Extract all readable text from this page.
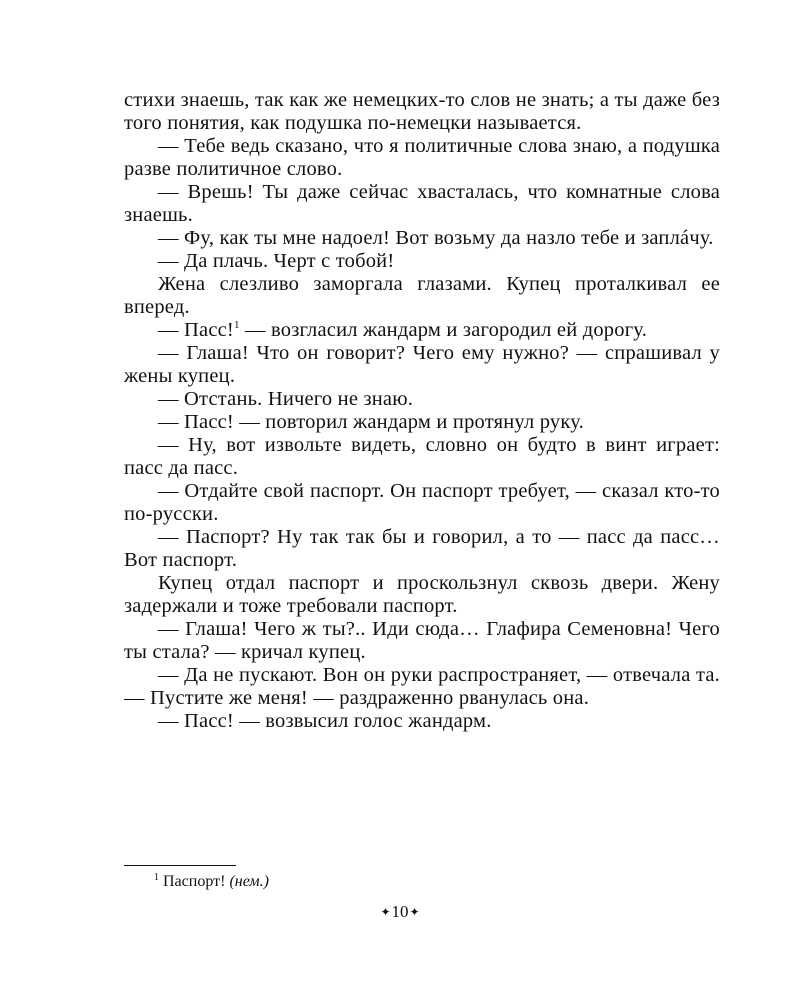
стихи знаешь, так как же немецких-то слов не знать; а ты даже без того понятия, как подушка по-немецки называется.

— Тебе ведь сказано, что я политичные слова знаю, а подушка разве политичное слово.

— Врешь! Ты даже сейчас хвасталась, что комнатные слова знаешь.

— Фу, как ты мне надоел! Вот возьму да назло тебе и заплáчу.

— Да плачь. Черт с тобой!

Жена слезливо заморгала глазами. Купец проталкивал ее вперед.

— Пасс!$^1$ — возгласил жандарм и загородил ей дорогу.

— Глаша! Что он говорит? Чего ему нужно? — спрашивал у жены купец.

— Отстань. Ничего не знаю.

— Пасс! — повторил жандарм и протянул руку.

— Ну, вот извольте видеть, словно он будто в винт играет: пасс да пасс.

— Отдайте свой паспорт. Он паспорт требует, — сказал кто-то по-русски.

— Паспорт? Ну так так бы и говорил, а то — пасс да пасс… Вот паспорт.

Купец отдал паспорт и проскользнул сквозь двери. Жену задержали и тоже требовали паспорт.

— Глаша! Чего ж ты?.. Иди сюда… Глафира Семеновна! Чего ты стала? — кричал купец.

— Да не пускают. Вон он руки распространяет, — отвечала та. — Пустите же меня! — раздраженно рванулась она.

— Пасс! — возвысил голос жандарм.

$^1$ Паспорт! (нем.)
✦10✦
